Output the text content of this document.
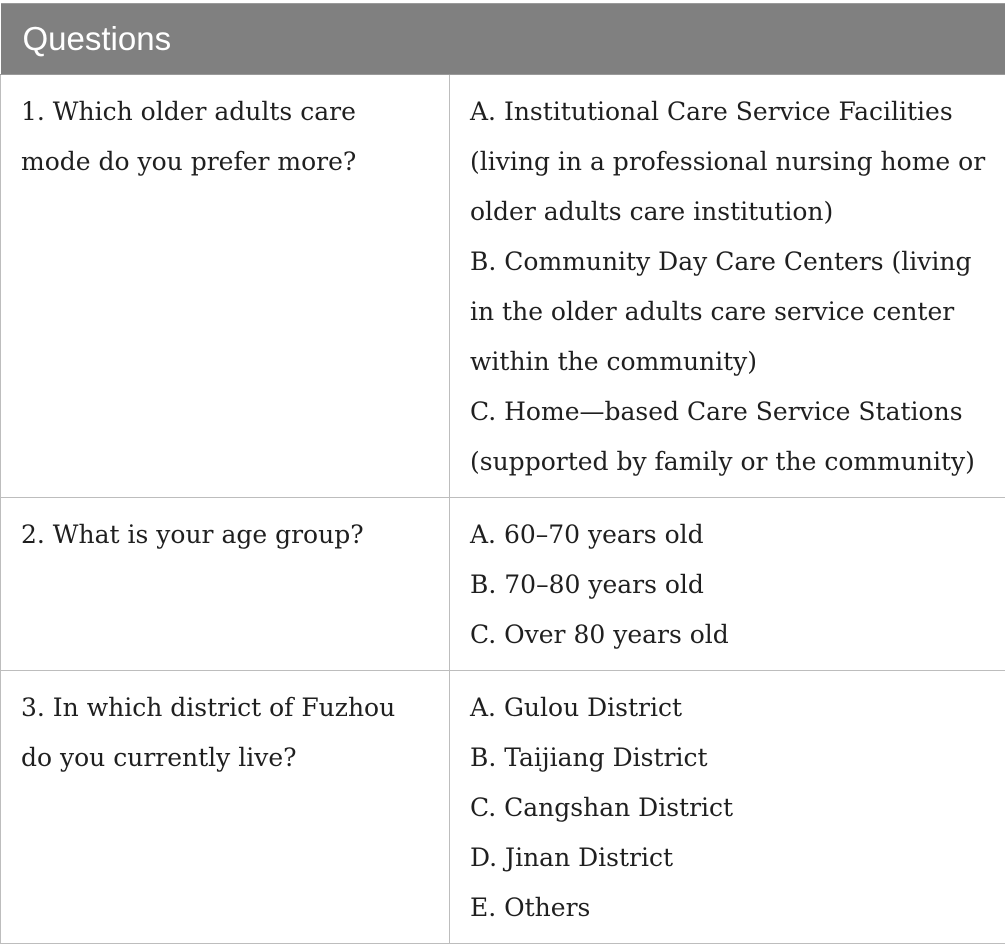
Questions	

1. Which older adults care mode do you prefer more?	A. Institutional Care Service Facilities (living in a professional nursing home or older adults care institution)
B. Community Day Care Centers (living in the older adults care service center within the community)
C. Home—based Care Service Stations (supported by family or the community)

2. What is your age group?	A. 60–70 years old
B. 70–80 years old
C. Over 80 years old

3. In which district of Fuzhou do you currently live?	A. Gulou District
B. Taijiang District
C. Cangshan District
D. Jinan District
E. Others
